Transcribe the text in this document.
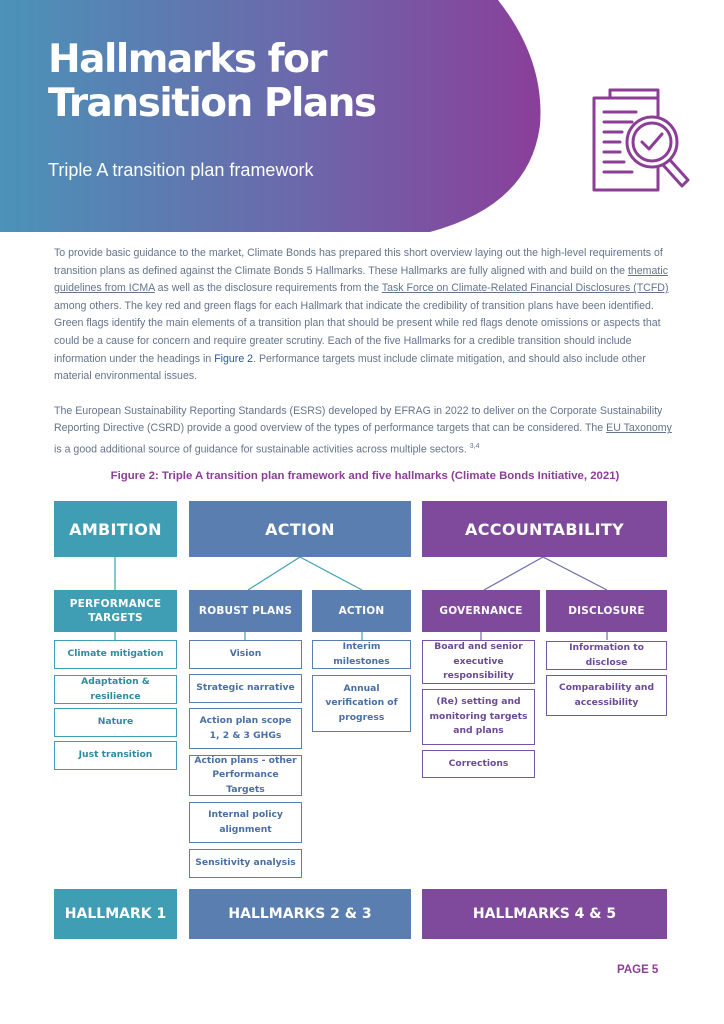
Hallmarks for
Transition Plans

Triple A transition plan framework

To provide basic guidance to the market, Climate Bonds has prepared this short overview laying out the high-level requirements of transition plans as defined against the Climate Bonds 5 Hallmarks. These Hallmarks are fully aligned with and build on the thematic guidelines from ICMA as well as the disclosure requirements from the Task Force on Climate-Related Financial Disclosures (TCFD) among others. The key red and green flags for each Hallmark that indicate the credibility of transition plans have been identified. Green flags identify the main elements of a transition plan that should be present while red flags denote omissions or aspects that could be a cause for concern and require greater scrutiny. Each of the five Hallmarks for a credible transition should include information under the headings in Figure 2. Performance targets must include climate mitigation, and should also include other material environmental issues.

The European Sustainability Reporting Standards (ESRS) developed by EFRAG in 2022 to deliver on the Corporate Sustainability Reporting Directive (CSRD) provide a good overview of the types of performance targets that can be considered. The EU Taxonomy is a good additional source of guidance for sustainable activities across multiple sectors. $^{3,4}$

Figure 2: Triple A transition plan framework and five hallmarks (Climate Bonds Initiative, 2021)

AMBITION	ACTION	ACCOUNTABILITY
PERFORMANCE TARGETS
ROBUST PLANS	ACTION	GOVERNANCE	DISCLOSURE
Climate mitigation
Adaptation & resilience
Nature
Just transition
Vision
Strategic narrative
Action plan scope 1, 2 & 3 GHGs
Action plans - other Performance Targets
Internal policy alignment
Sensitivity analysis
Interim milestones
Annual verification of progress
Board and senior executive responsibility
(Re) setting and monitoring targets and plans
Corrections
Information to disclose
Comparability and accessibility
HALLMARK 1	HALLMARKS 2 & 3	HALLMARKS 4 & 5

PAGE 5
